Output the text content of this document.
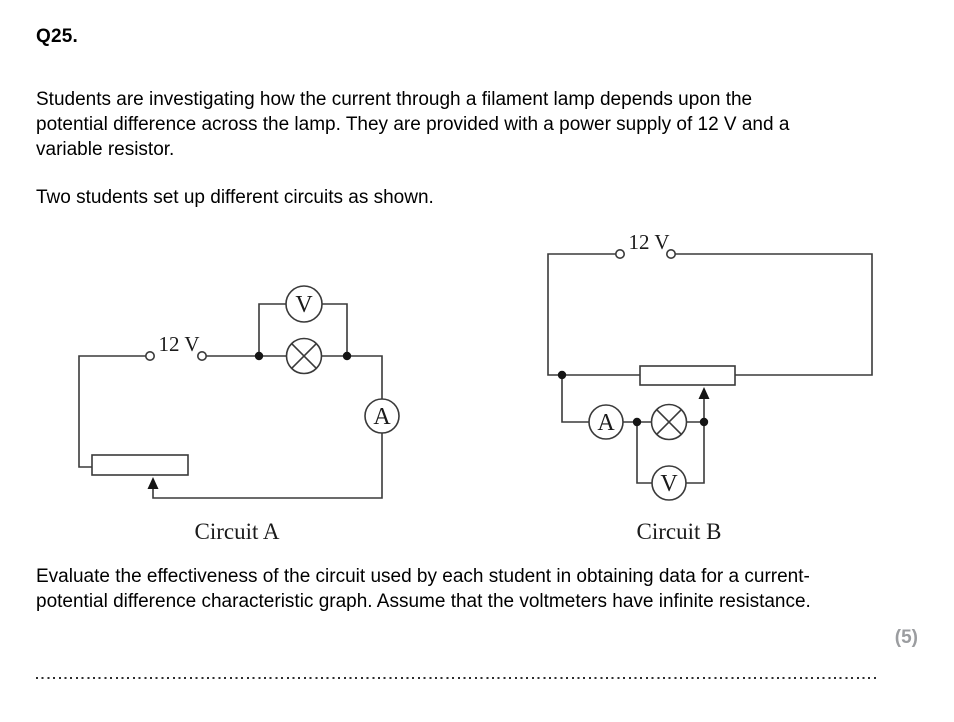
Q25.
Students are investigating how the current through a filament lamp depends upon the
potential difference across the lamp. They are provided with a power supply of 12 V and a
variable resistor.
Two students set up different circuits as shown.
12 V
V
A
Circuit A
12 V
A
V
Circuit B
Evaluate the effectiveness of the circuit used by each student in obtaining data for a current-
potential difference characteristic graph. Assume that the voltmeters have infinite resistance.
(5)
